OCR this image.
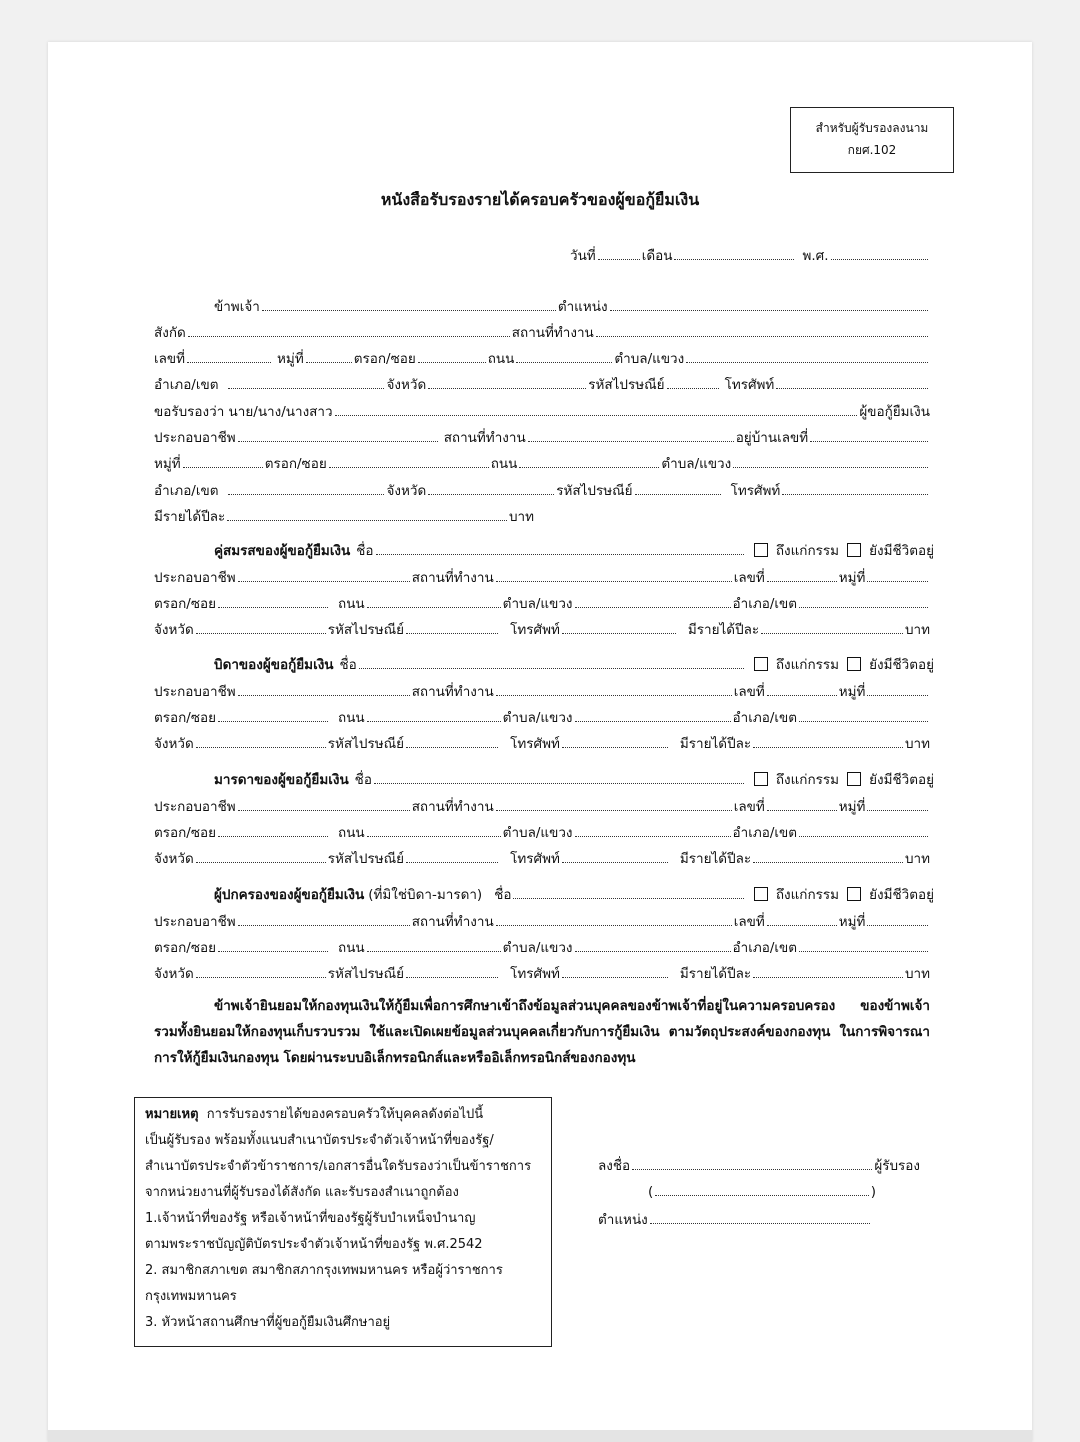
สำหรับผู้รับรองลงนาม
กยศ.102
หนังสือรับรองรายได้ครอบครัวของผู้ขอกู้ยืมเงิน
วันที่	เดือน	พ.ศ.
ข้าพเจ้า	ตำแหน่ง
สังกัด	สถานที่ทำงาน
เลขที่	หมู่ที่	ตรอก/ซอย	ถนน	ตำบล/แขวง
อำเภอ/เขต	จังหวัด	รหัสไปรษณีย์	โทรศัพท์
ขอรับรองว่า นาย/นาง/นางสาว	ผู้ขอกู้ยืมเงิน
ประกอบอาชีพ	สถานที่ทำงาน	อยู่บ้านเลขที่
หมู่ที่	ตรอก/ซอย	ถนน	ตำบล/แขวง
อำเภอ/เขต	จังหวัด	รหัสไปรษณีย์	โทรศัพท์
มีรายได้ปีละ	บาท
คู่สมรสของผู้ขอกู้ยืมเงิน ชื่อ	ถึงแก่กรรม ยังมีชีวิตอยู่
ประกอบอาชีพ	สถานที่ทำงาน	เลขที่	หมู่ที่
ตรอก/ซอย	ถนน	ตำบล/แขวง	อำเภอ/เขต
จังหวัด	รหัสไปรษณีย์	โทรศัพท์	มีรายได้ปีละ	บาท
บิดาของผู้ขอกู้ยืมเงิน ชื่อ	ถึงแก่กรรม ยังมีชีวิตอยู่
ประกอบอาชีพ	สถานที่ทำงาน	เลขที่	หมู่ที่
ตรอก/ซอย	ถนน	ตำบล/แขวง	อำเภอ/เขต
จังหวัด	รหัสไปรษณีย์	โทรศัพท์	มีรายได้ปีละ	บาท
มารดาของผู้ขอกู้ยืมเงิน ชื่อ	ถึงแก่กรรม ยังมีชีวิตอยู่
ประกอบอาชีพ	สถานที่ทำงาน	เลขที่	หมู่ที่
ตรอก/ซอย	ถนน	ตำบล/แขวง	อำเภอ/เขต
จังหวัด	รหัสไปรษณีย์	โทรศัพท์	มีรายได้ปีละ	บาท
ผู้ปกครองของผู้ขอกู้ยืมเงิน (ที่มิใช่บิดา-มารดา) ชื่อ	ถึงแก่กรรม ยังมีชีวิตอยู่
ประกอบอาชีพ	สถานที่ทำงาน	เลขที่	หมู่ที่
ตรอก/ซอย	ถนน	ตำบล/แขวง	อำเภอ/เขต
จังหวัด	รหัสไปรษณีย์	โทรศัพท์	มีรายได้ปีละ	บาท
ข้าพเจ้ายินยอมให้กองทุนเงินให้กู้ยืมเพื่อการศึกษาเข้าถึงข้อมูลส่วนบุคคลของข้าพเจ้าที่อยู่ในความครอบครอง ของข้าพเจ้า รวมทั้งยินยอมให้กองทุนเก็บรวบรวม ใช้และเปิดเผยข้อมูลส่วนบุคคลเกี่ยวกับการกู้ยืมเงิน ตามวัตถุประสงค์ของกองทุน ในการพิจารณาการให้กู้ยืมเงินกองทุน โดยผ่านระบบอิเล็กทรอนิกส์และหรืออิเล็กทรอนิกส์ของกองทุน

หมายเหตุ การรับรองรายได้ของครอบครัวให้บุคคลดังต่อไปนี้

เป็นผู้รับรอง พร้อมทั้งแนบสำเนาบัตรประจำตัวเจ้าหน้าที่ของรัฐ/

สำเนาบัตรประจำตัวข้าราชการ/เอกสารอื่นใดรับรองว่าเป็นข้าราชการ

จากหน่วยงานที่ผู้รับรองได้สังกัด และรับรองสำเนาถูกต้อง

1.เจ้าหน้าที่ของรัฐ หรือเจ้าหน้าที่ของรัฐผู้รับบำเหน็จบำนาญ

ตามพระราชบัญญัติบัตรประจำตัวเจ้าหน้าที่ของรัฐ พ.ศ.2542

2. สมาชิกสภาเขต สมาชิกสภากรุงเทพมหานคร หรือผู้ว่าราชการ

กรุงเทพมหานคร

3. หัวหน้าสถานศึกษาที่ผู้ขอกู้ยืมเงินศึกษาอยู่

ลงชื่อ	ผู้รับรอง
(	)
ตำแหน่ง
